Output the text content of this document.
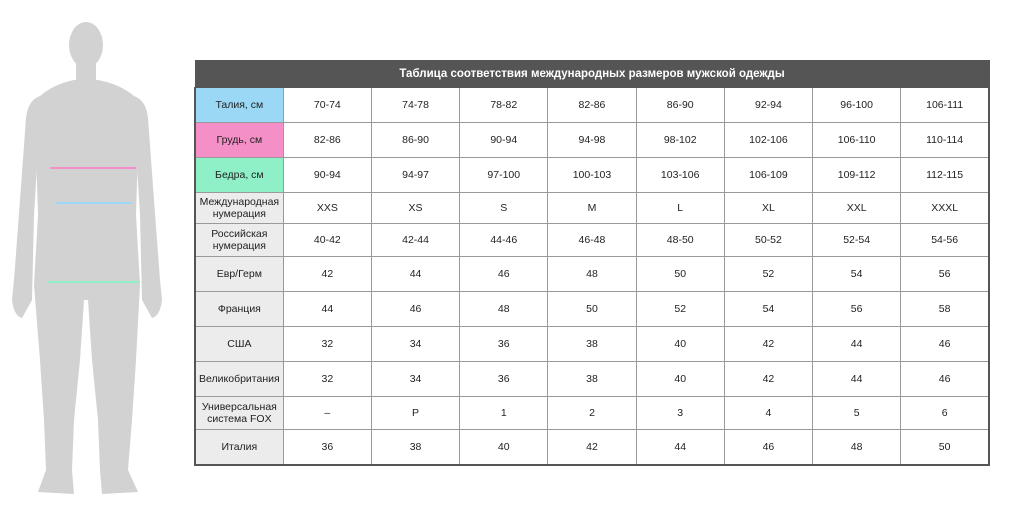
Таблица соответствия международных размеров мужской одежды								
Талия, см	70-74	74-78	78-82	82-86	86-90	92-94	96-100	106-111
Грудь, см	82-86	86-90	90-94	94-98	98-102	102-106	106-110	110-114
Бедра, см	90-94	94-97	97-100	100-103	103-106	106-109	109-112	112-115
Международная нумерация	XXS	XS	S	M	L	XL	XXL	XXXL
Российская нумерация	40-42	42-44	44-46	46-48	48-50	50-52	52-54	54-56
Евр/Герм	42	44	46	48	50	52	54	56
Франция	44	46	48	50	52	54	56	58
США	32	34	36	38	40	42	44	46
Великобритания	32	34	36	38	40	42	44	46
Универсальная система FOX	–	P	1	2	3	4	5	6
Италия	36	38	40	42	44	46	48	50
